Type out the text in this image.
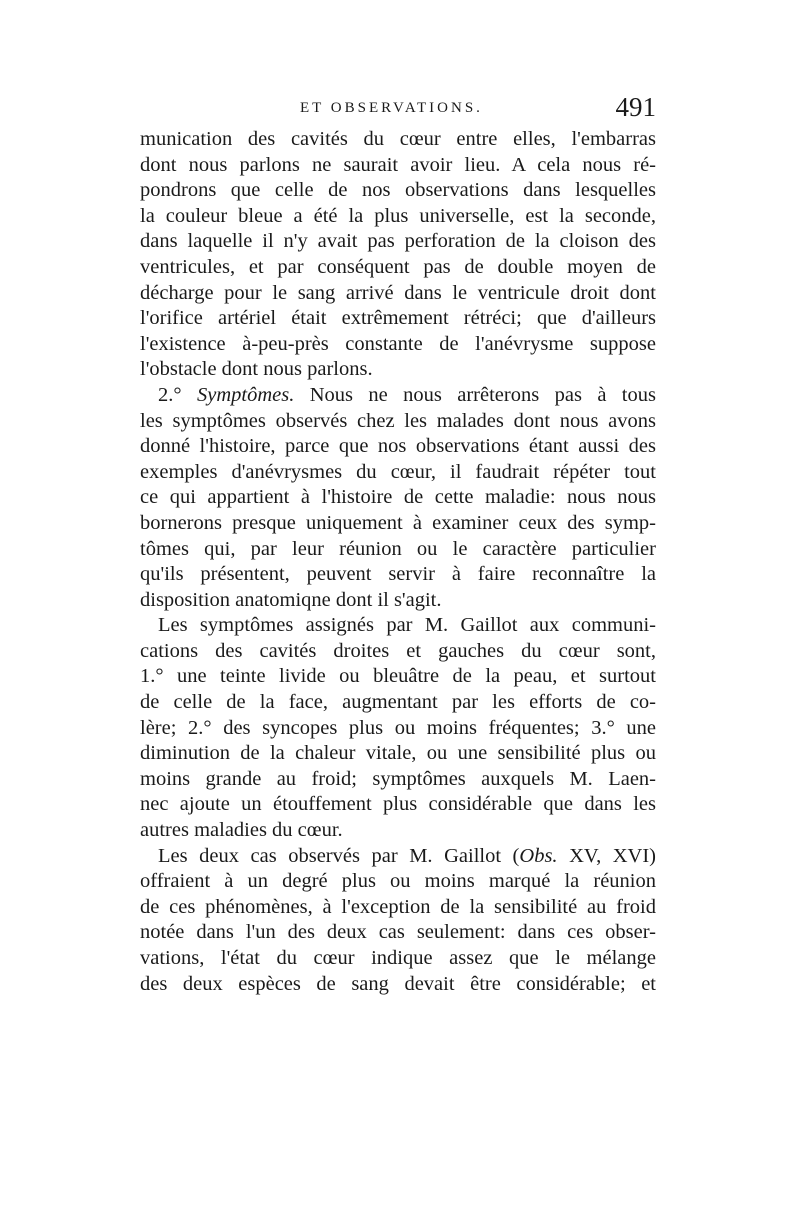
ET OBSERVATIONS.	491
munication des cavités du cœur entre elles, l'embarras
dont nous parlons ne saurait avoir lieu. A cela nous ré-
pondrons que celle de nos observations dans lesquelles
la couleur bleue a été la plus universelle, est la seconde,
dans laquelle il n'y avait pas perforation de la cloison des
ventricules, et par conséquent pas de double moyen de
décharge pour le sang arrivé dans le ventricule droit dont
l'orifice artériel était extrêmement rétréci; que d'ailleurs
l'existence à-peu-près constante de l'anévrysme suppose
l'obstacle dont nous parlons.
2.° Symptômes. Nous ne nous arrêterons pas à tous
les symptômes observés chez les malades dont nous avons
donné l'histoire, parce que nos observations étant aussi des
exemples d'anévrysmes du cœur, il faudrait répéter tout
ce qui appartient à l'histoire de cette maladie: nous nous
bornerons presque uniquement à examiner ceux des symp-
tômes qui, par leur réunion ou le caractère particulier
qu'ils présentent, peuvent servir à faire reconnaître la
disposition anatomiqne dont il s'agit.
Les symptômes assignés par M. Gaillot aux communi-
cations des cavités droites et gauches du cœur sont,
1.° une teinte livide ou bleuâtre de la peau, et surtout
de celle de la face, augmentant par les efforts de co-
lère; 2.° des syncopes plus ou moins fréquentes; 3.° une
diminution de la chaleur vitale, ou une sensibilité plus ou
moins grande au froid; symptômes auxquels M. Laen-
nec ajoute un étouffement plus considérable que dans les
autres maladies du cœur.
Les deux cas observés par M. Gaillot (Obs. XV, XVI)
offraient à un degré plus ou moins marqué la réunion
de ces phénomènes, à l'exception de la sensibilité au froid
notée dans l'un des deux cas seulement: dans ces obser-
vations, l'état du cœur indique assez que le mélange
des deux espèces de sang devait être considérable; et
